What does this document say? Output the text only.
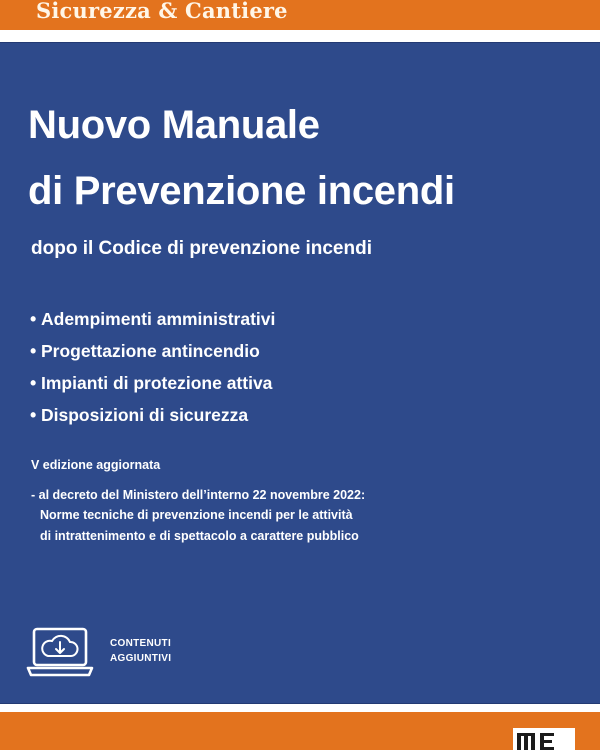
Sicurezza & Cantiere
Nuovo Manuale
di Prevenzione incendi
dopo il Codice di prevenzione incendi
• Adempimenti amministrativi
• Progettazione antincendio
• Impianti di protezione attiva
• Disposizioni di sicurezza
V edizione aggiornata
- al decreto del Ministero dell’interno 22 novembre 2022:
Norme tecniche di prevenzione incendi per le attività
di intrattenimento e di spettacolo a carattere pubblico
CONTENUTI
AGGIUNTIVI
